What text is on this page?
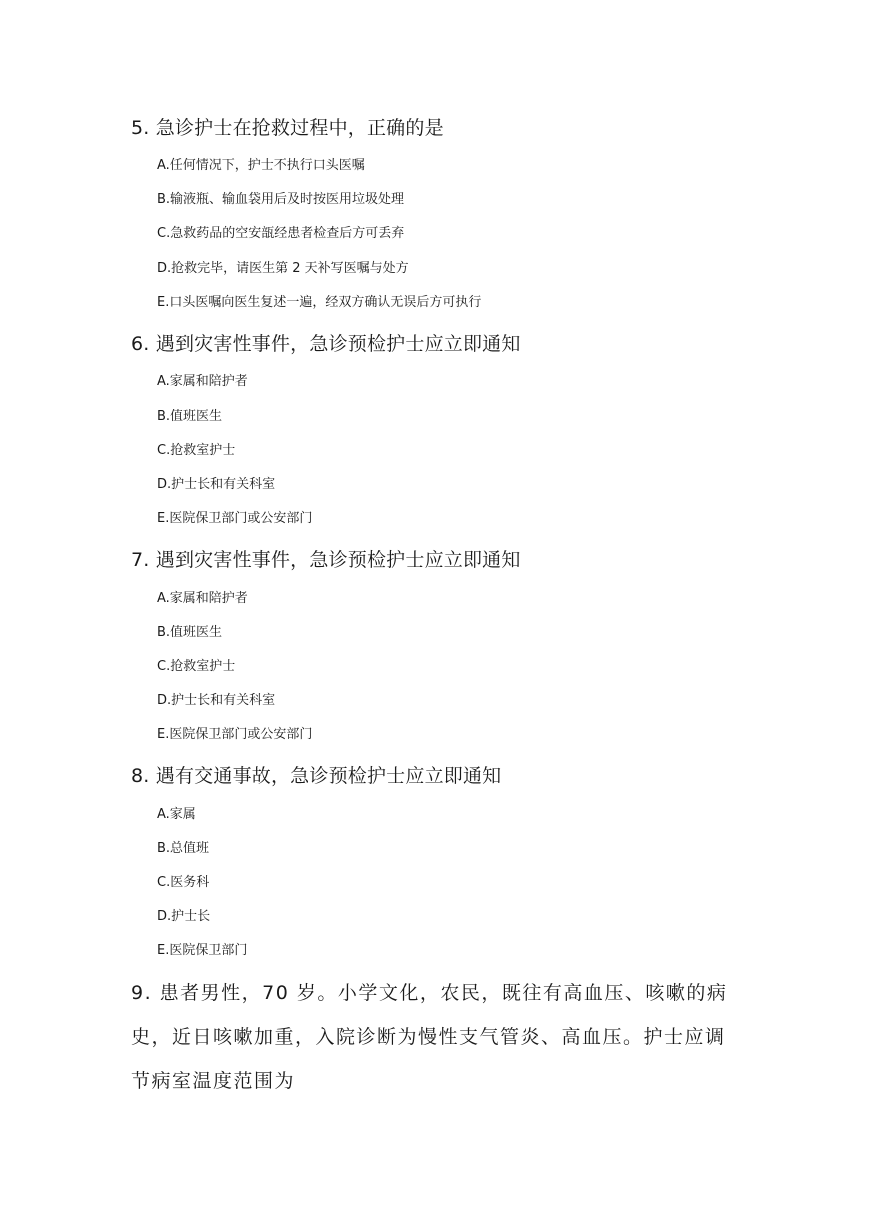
5. 急诊护士在抢救过程中，正确的是
A.任何情况下，护士不执行口头医嘱
B.输液瓶、输血袋用后及时按医用垃圾处理
C.急救药品的空安瓿经患者检查后方可丢弃
D.抢救完毕，请医生第 2 天补写医嘱与处方
E.口头医嘱向医生复述一遍，经双方确认无误后方可执行
6. 遇到灾害性事件，急诊预检护士应立即通知
A.家属和陪护者
B.值班医生
C.抢救室护士
D.护士长和有关科室
E.医院保卫部门或公安部门
7. 遇到灾害性事件，急诊预检护士应立即通知
A.家属和陪护者
B.值班医生
C.抢救室护士
D.护士长和有关科室
E.医院保卫部门或公安部门
8. 遇有交通事故，急诊预检护士应立即通知
A.家属
B.总值班
C.医务科
D.护士长
E.医院保卫部门
9. 患者男性，70 岁。小学文化，农民，既往有高血压、咳嗽的病
史，近日咳嗽加重，入院诊断为慢性支气管炎、高血压。护士应调
节病室温度范围为
